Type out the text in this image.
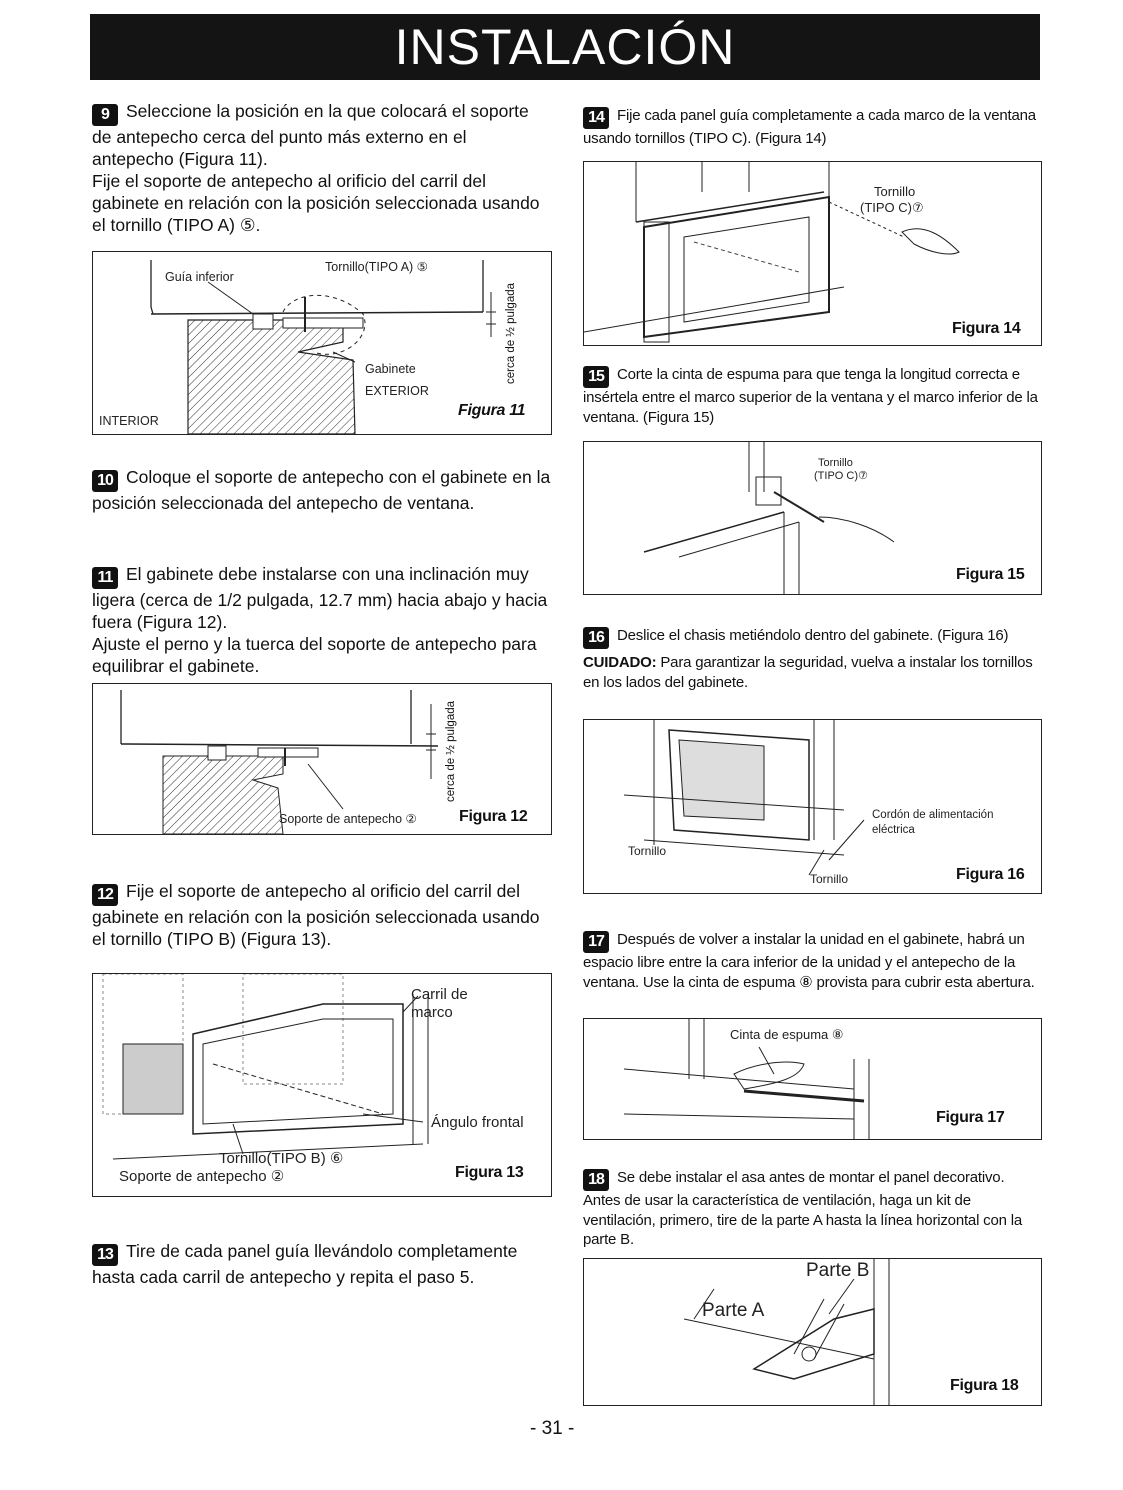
INSTALACIÓN
9 Seleccione la posición en la que colocará el soporte de antepecho cerca del punto más externo en el antepecho (Figura 11).
Fije el soporte de antepecho al orificio del carril del gabinete en relación con la posición seleccionada usando el tornillo (TIPO A) ⑤.
Guía inferior
Tornillo(TIPO A) ⑤
Gabinete
EXTERIOR
INTERIOR
cerca de ½ pulgada
Figura 11
10 Coloque el soporte de antepecho con el gabinete en la posición seleccionada del antepecho de ventana.
11 El gabinete debe instalarse con una inclinación muy ligera (cerca de 1/2 pulgada, 12.7 mm) hacia abajo y hacia fuera (Figura 12).
Ajuste el perno y la tuerca del soporte de antepecho para equilibrar el gabinete.
Soporte de antepecho ②
cerca de ½ pulgada
Figura 12
12 Fije el soporte de antepecho al orificio del carril del gabinete en relación con la posición seleccionada usando el tornillo (TIPO B) (Figura 13).
Carril de marco
Ángulo frontal
Tornillo(TIPO B) ⑥
Soporte de antepecho ②	Figura 13
13 Tire de cada panel guía llevándolo completamente hasta cada carril de antepecho y repita el paso 5.
14 Fije cada panel guía completamente a cada marco de la ventana usando tornillos (TIPO C). (Figura 14)
Tornillo
(TIPO C)⑦
Figura 14
15 Corte la cinta de espuma para que tenga la longitud correcta e insértela entre el marco superior de la ventana y el marco inferior de la ventana. (Figura 15)
Tornillo
(TIPO C)⑦
Figura 15
16 Deslice el chasis metiéndolo dentro del gabinete. (Figura 16)
CUIDADO: Para garantizar la seguridad, vuelva a instalar los tornillos en los lados del gabinete.
Cordón de alimentación eléctrica
Tornillo
Tornillo	Figura 16
17 Después de volver a instalar la unidad en el gabinete, habrá un espacio libre entre la cara inferior de la unidad y el antepecho de la ventana. Use la cinta de espuma ⑧ provista para cubrir esta abertura.
Cinta de espuma ⑧
Figura 17
18 Se debe instalar el asa antes de montar el panel decorativo. Antes de usar la característica de ventilación, haga un kit de ventilación, primero, tire de la parte A hasta la línea horizontal con la parte B.
Parte B
Parte A
Figura 18
- 31 -
